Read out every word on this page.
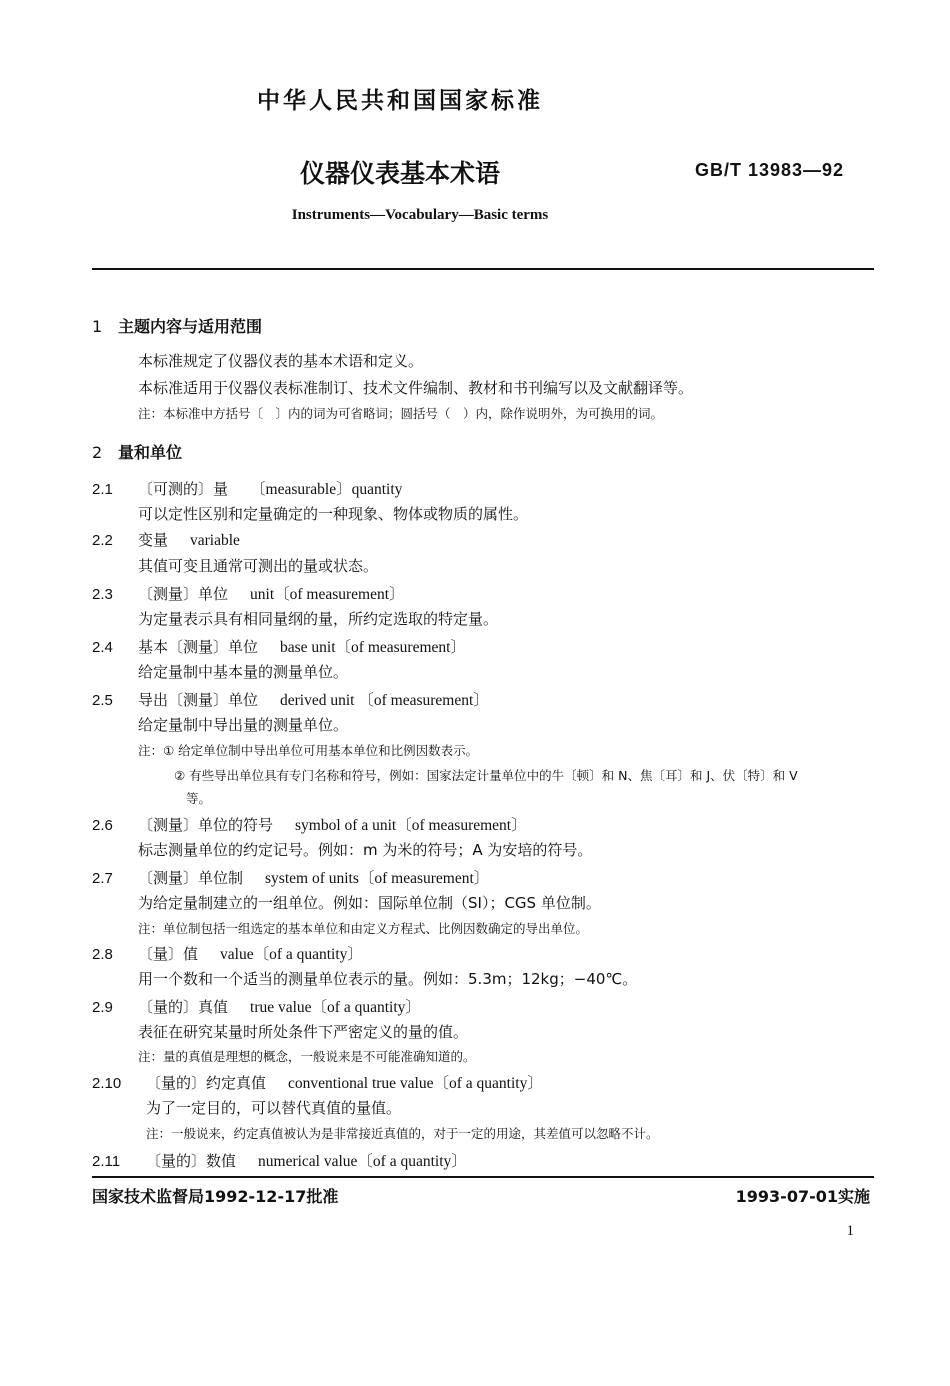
中华人民共和国国家标准
仪器仪表基本术语	GB/T 13983—92
Instruments—Vocabulary—Basic terms
1 主题内容与适用范围
本标准规定了仪器仪表的基本术语和定义。
本标准适用于仪器仪表标准制订、技术文件编制、教材和书刊编写以及文献翻译等。
注：本标准中方括号〔　〕内的词为可省略词；圆括号（　）内，除作说明外，为可换用的词。
2 量和单位
2.1 〔可测的〕量 〔measurable〕quantity
可以定性区别和定量确定的一种现象、物体或物质的属性。
2.2 变量 variable
其值可变且通常可测出的量或状态。
2.3 〔测量〕单位 unit〔of measurement〕
为定量表示具有相同量纲的量，所约定选取的特定量。
2.4 基本〔测量〕单位 base unit〔of measurement〕
给定量制中基本量的测量单位。
2.5 导出〔测量〕单位 derived unit 〔of measurement〕
给定量制中导出量的测量单位。
注：① 给定单位制中导出单位可用基本单位和比例因数表示。
② 有些导出单位具有专门名称和符号，例如：国家法定计量单位中的牛〔顿〕和 N、焦〔耳〕和 J、伏〔特〕和 V
等。
2.6 〔测量〕单位的符号 symbol of a unit〔of measurement〕
标志测量单位的约定记号。例如：m 为米的符号；A 为安培的符号。
2.7 〔测量〕单位制 system of units〔of measurement〕
为给定量制建立的一组单位。例如：国际单位制（SI）；CGS 单位制。
注：单位制包括一组选定的基本单位和由定义方程式、比例因数确定的导出单位。
2.8 〔量〕值 value〔of a quantity〕
用一个数和一个适当的测量单位表示的量。例如：5.3m；12kg；−40℃。
2.9 〔量的〕真值 true value〔of a quantity〕
表征在研究某量时所处条件下严密定义的量的值。
注：量的真值是理想的概念，一般说来是不可能准确知道的。
2.10 〔量的〕约定真值 conventional true value〔of a quantity〕
为了一定目的，可以替代真值的量值。
注：一般说来，约定真值被认为是非常接近真值的，对于一定的用途，其差值可以忽略不计。
2.11 〔量的〕数值 numerical value〔of a quantity〕
国家技术监督局1992-12-17批准	1993-07-01实施
1
